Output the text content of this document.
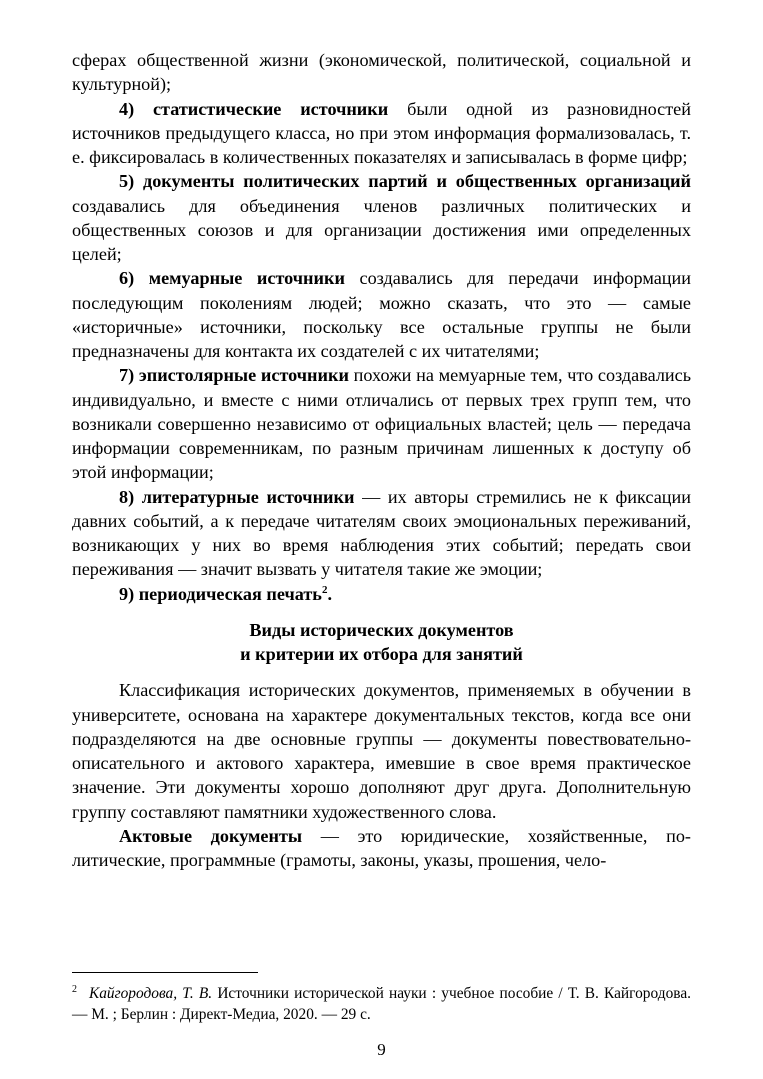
сферах общественной жизни (экономической, политической, социальной и культурной);

4) статистические источники были одной из разновидностей источников предыдущего класса, но при этом информация формализовалась, т. е. фиксировалась в количественных показателях и записывалась в форме цифр;

5) документы политических партий и общественных организаций создавались для объединения членов различных политических и общественных союзов и для организации достижения ими определенных целей;

6) мемуарные источники создавались для передачи информации последующим поколениям людей; можно сказать, что это — самые «историчные» источники, поскольку все остальные группы не были предназначены для контакта их создателей с их читателями;

7) эпистолярные источники похожи на мемуарные тем, что создавались индивидуально, и вместе с ними отличались от первых трех групп тем, что возникали совершенно независимо от официальных властей; цель — передача информации современникам, по разным причинам лишенных к доступу об этой информации;

8) литературные источники — их авторы стремились не к фиксации давних событий, а к передаче читателям своих эмоциональных переживаний, возникающих у них во время наблюдения этих событий; передать свои переживания — значит вызвать у читателя такие же эмоции;

9) периодическая печать$^2$.

Виды исторических документов
и критерии их отбора для занятий

Классификация исторических документов, применяемых в обучении в университете, основана на характере документальных текстов, когда все они подразделяются на две основные группы — документы повествовательно-описательного и актового характера, имевшие в свое время практическое значение. Эти документы хорошо дополняют друг друга. Дополнительную группу составляют памятники художественного слова.

Актовые документы — это юридические, хозяйственные, политические, программные (грамоты, законы, указы, прошения, чело-

$^2$ Кайгородова, Т. В. Источники исторической науки : учебное пособие / Т. В. Кайгородова. — М. ; Берлин : Директ-Медиа, 2020. — 29 с.
9
